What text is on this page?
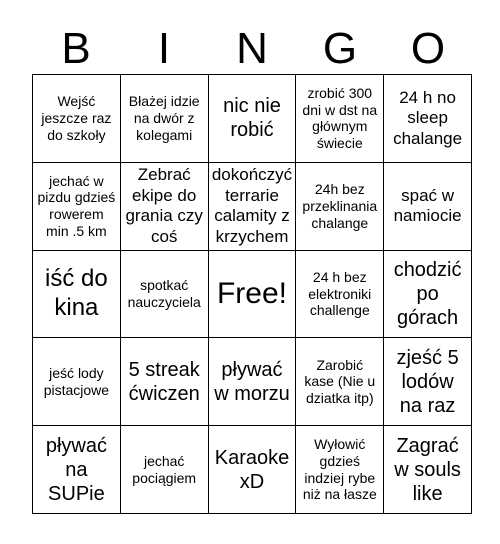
B	I	N	G	O
Wejść jeszcze raz do szkoły
Błażej idzie na dwór z kolegami
nic nie robić
zrobić 300 dni w dst na głównym świecie
24 h no sleep chalange
jechać w pizdu gdzieś rowerem min .5 km
Zebrać ekipe do grania czy coś
dokończyć terrarie calamity z krzychem
24h bez przeklinania chalange
spać w namiocie
iść do kina
spotkać nauczyciela Free!
24 h bez elektroniki challenge
chodzić po górach
jeść lody pistacjowe
5 streak ćwiczen
pływać w morzu
Zarobić kase (Nie u dziatka itp)
zjeść 5 lodów na raz
pływać na SUPie
jechać pociągiem
Karaoke xD
Wyłowić gdzieś indziej rybe niż na łasze
Zagrać w souls like
